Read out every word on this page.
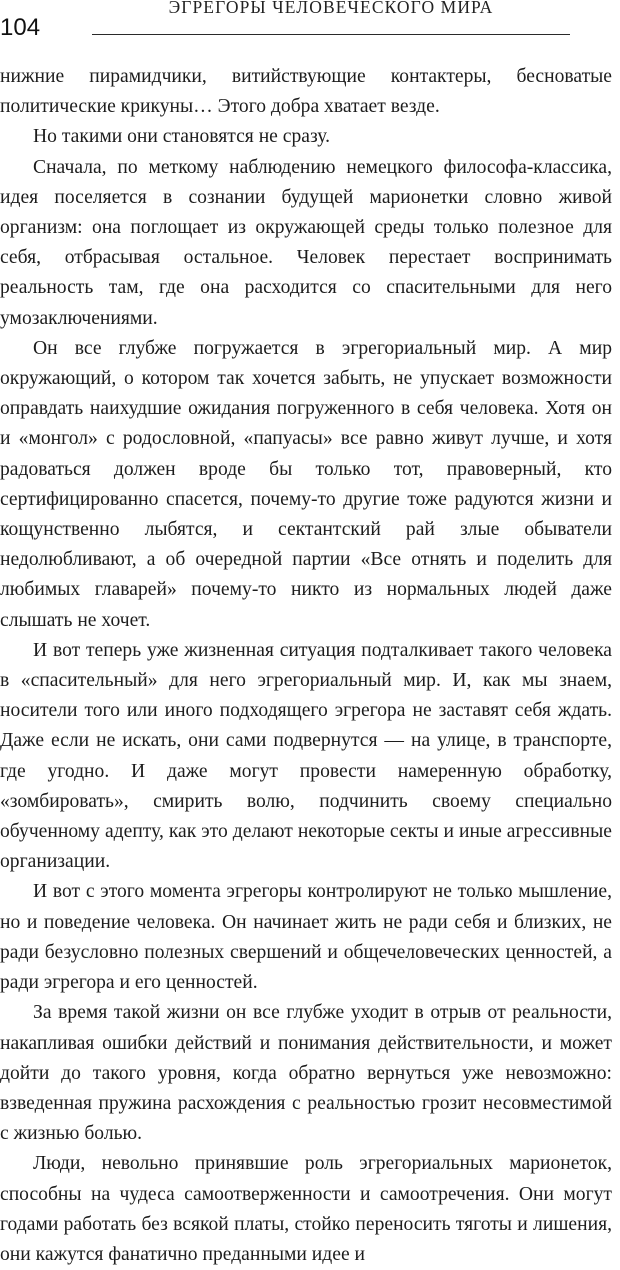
104
ЭГРЕГОРЫ ЧЕЛОВЕЧЕСКОГО МИРА

нижние пирамидчики, витийствующие контактеры, бесноватые политические крикуны… Этого добра хватает везде.

Но такими они становятся не сразу.

Сначала, по меткому наблюдению немецкого философа-классика, идея поселяется в сознании будущей марионетки словно живой организм: она поглощает из окружающей среды только полезное для себя, отбрасывая остальное. Человек перестает воспринимать реальность там, где она расходится со спасительными для него умозаключениями.

Он все глубже погружается в эгрегориальный мир. А мир окружающий, о котором так хочется забыть, не упускает возможности оправдать наихудшие ожидания погруженного в себя человека. Хотя он и «монгол» с родословной, «папуасы» все равно живут лучше, и хотя радоваться должен вроде бы только тот, правоверный, кто сертифицированно спасется, почему-то другие тоже радуются жизни и кощунственно лыбятся, и сектантский рай злые обыватели недолюбливают, а об очередной партии «Все отнять и поделить для любимых главарей» почему-то никто из нормальных людей даже слышать не хочет.

И вот теперь уже жизненная ситуация подталкивает такого человека в «спасительный» для него эгрегориальный мир. И, как мы знаем, носители того или иного подходящего эгрегора не заставят себя ждать. Даже если не искать, они сами подвернутся — на улице, в транспорте, где угодно. И даже могут провести намеренную обработку, «зомбировать», смирить волю, подчинить своему специально обученному адепту, как это делают некоторые секты и иные агрессивные организации.

И вот с этого момента эгрегоры контролируют не только мышление, но и поведение человека. Он начинает жить не ради себя и близких, не ради безусловно полезных свершений и общечеловеческих ценностей, а ради эгрегора и его ценностей.

За время такой жизни он все глубже уходит в отрыв от реальности, накапливая ошибки действий и понимания действительности, и может дойти до такого уровня, когда обратно вернуться уже невозможно: взведенная пружина расхождения с реальностью грозит несовместимой с жизнью болью.

Люди, невольно принявшие роль эгрегориальных марионеток, способны на чудеса самоотверженности и самоотречения. Они могут годами работать без всякой платы, стойко переносить тяготы и лишения, они кажутся фанатично преданными идее и
